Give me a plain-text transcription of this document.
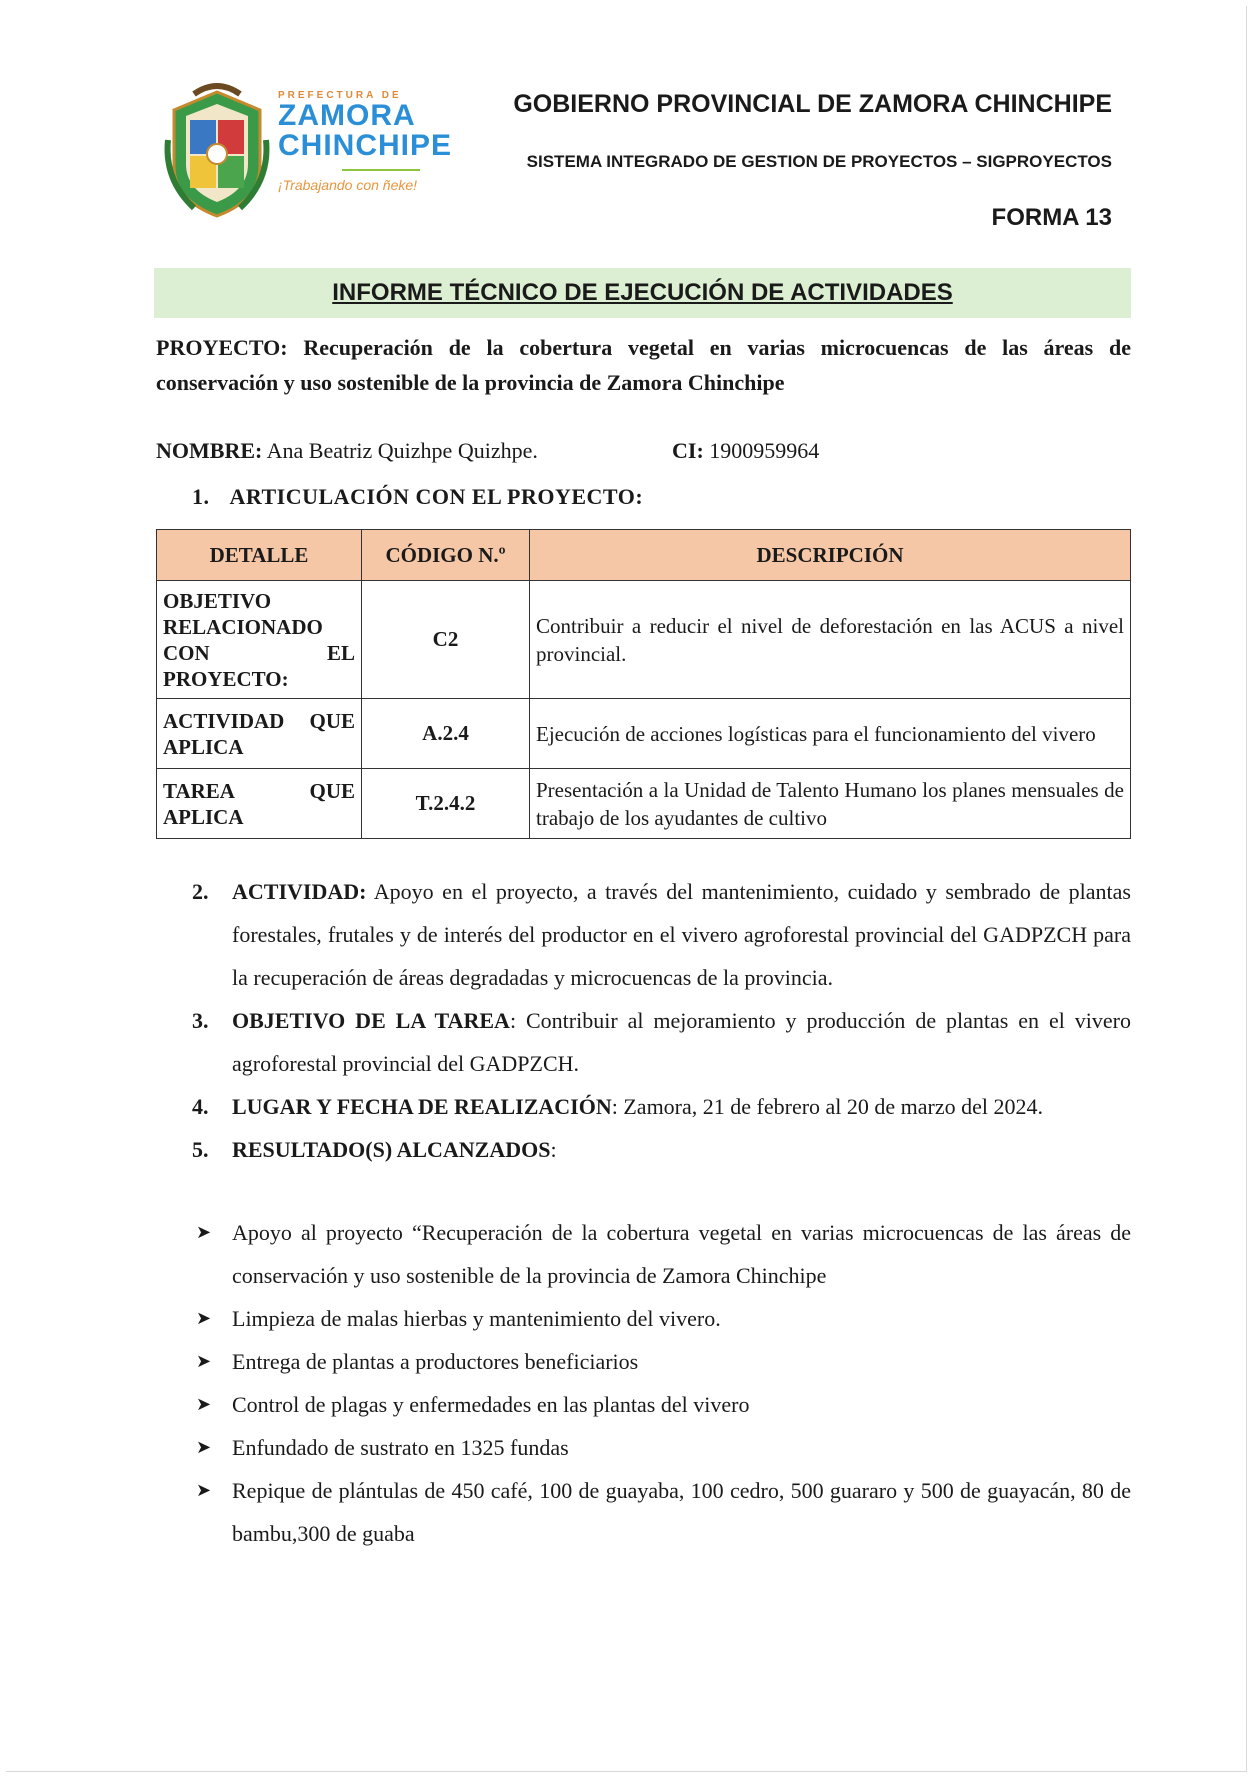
PREFECTURA DE
ZAMORA
CHINCHIPE
¡Trabajando con ñeke!
GOBIERNO PROVINCIAL DE ZAMORA CHINCHIPE
SISTEMA INTEGRADO DE GESTION DE PROYECTOS – SIGPROYECTOS
FORMA 13
INFORME TÉCNICO DE EJECUCIÓN DE ACTIVIDADES
PROYECTO: Recuperación de la cobertura vegetal en varias microcuencas de las áreas de conservación y uso sostenible de la provincia de Zamora Chinchipe
NOMBRE: Ana Beatriz Quizhpe Quizhpe.	CI: 1900959964
1. ARTICULACIÓN CON EL PROYECTO:
DETALLE	CÓDIGO N.º	DESCRIPCIÓN

OBJETIVO
RELACIONADO
CON EL
PROYECTO:	C2	Contribuir a reducir el nivel de deforestación en las ACUS a nivel provincial.

ACTIVIDAD QUE
APLICA	A.2.4	Ejecución de acciones logísticas para el funcionamiento del vivero

TAREA QUE
APLICA	T.2.4.2	Presentación a la Unidad de Talento Humano los planes mensuales de trabajo de los ayudantes de cultivo
2.	ACTIVIDAD: Apoyo en el proyecto, a través del mantenimiento, cuidado y sembrado de plantas forestales, frutales y de interés del productor en el vivero agroforestal provincial del GADPZCH para la recuperación de áreas degradadas y microcuencas de la provincia.
3.	OBJETIVO DE LA TAREA: Contribuir al mejoramiento y producción de plantas en el vivero agroforestal provincial del GADPZCH.
4.	LUGAR Y FECHA DE REALIZACIÓN: Zamora, 21 de febrero al 20 de marzo del 2024.
5.	RESULTADO(S) ALCANZADOS:
➤ Apoyo al proyecto “Recuperación de la cobertura vegetal en varias microcuencas de las áreas de conservación y uso sostenible de la provincia de Zamora Chinchipe
➤ Limpieza de malas hierbas y mantenimiento del vivero.
➤ Entrega de plantas a productores beneficiarios
➤ Control de plagas y enfermedades en las plantas del vivero
➤ Enfundado de sustrato en 1325 fundas
➤ Repique de plántulas de 450 café, 100 de guayaba, 100 cedro, 500 guararo y 500 de guayacán, 80 de bambu,300 de guaba
